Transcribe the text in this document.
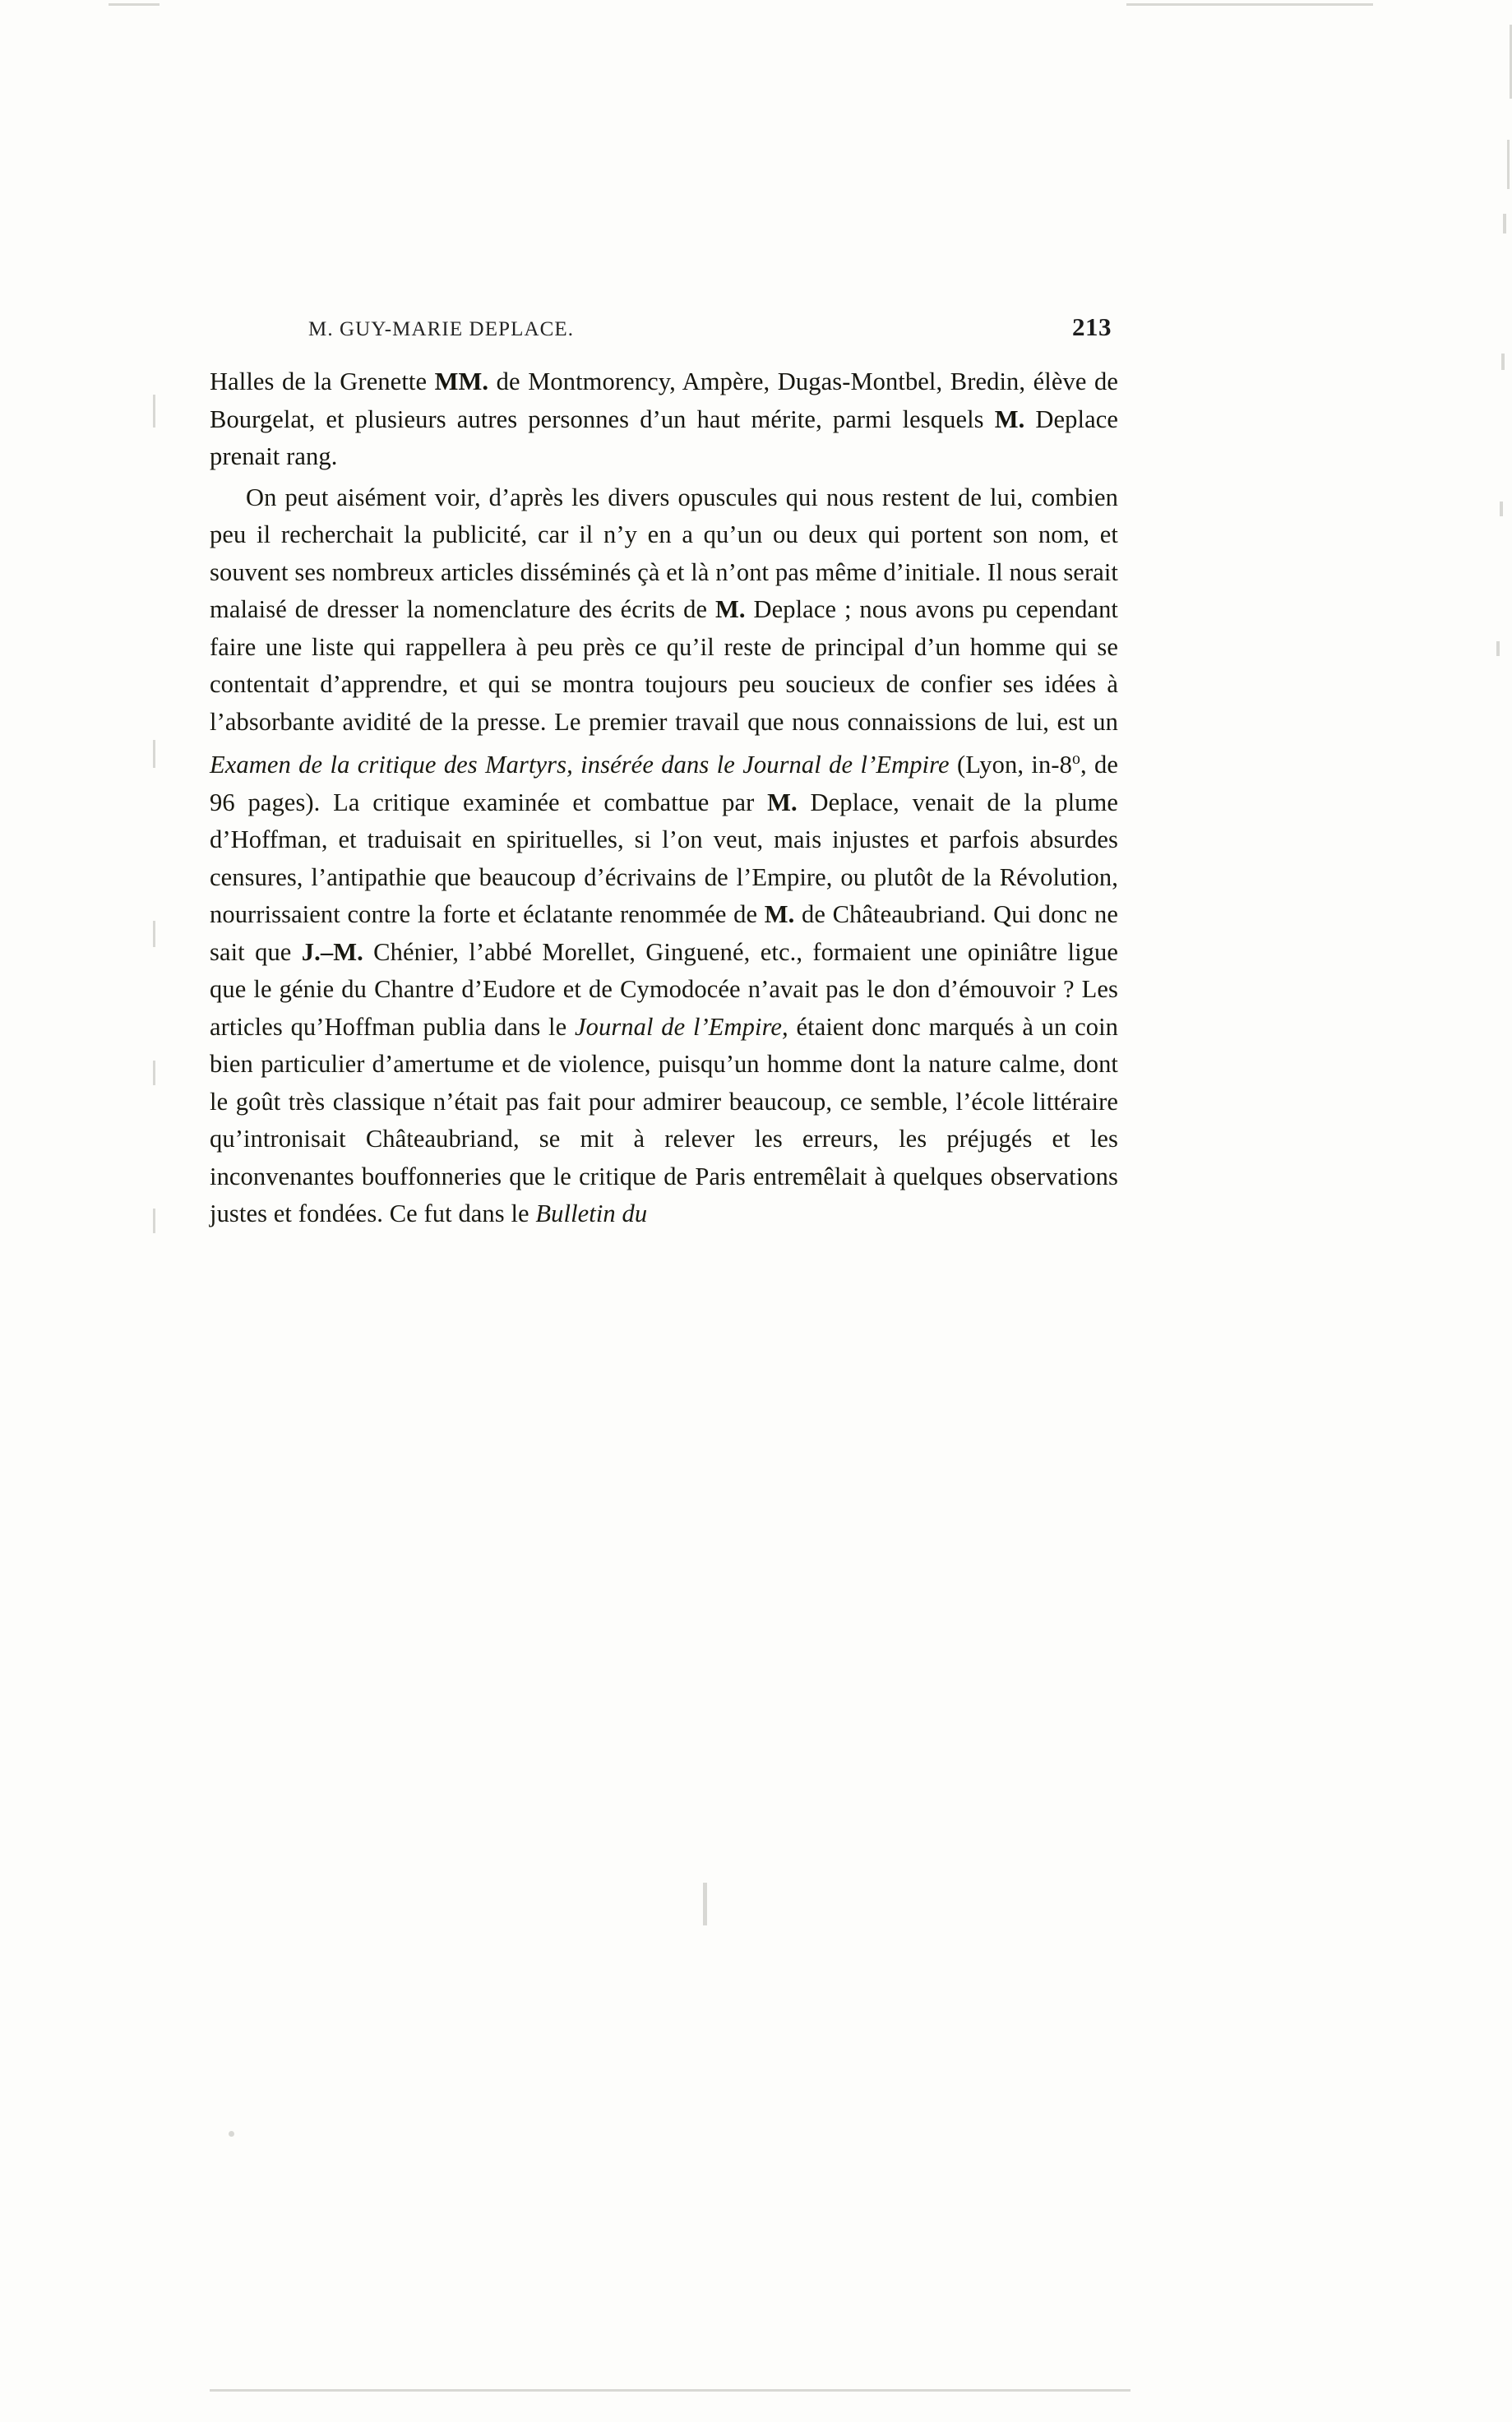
M. GUY-MARIE DEPLACE.	213

Halles de la Grenette MM. de Montmorency, Ampère, Dugas-Montbel, Bredin, élève de Bourgelat, et plusieurs autres personnes d’un haut mérite, parmi lesquels M. Deplace prenait rang.

On peut aisément voir, d’après les divers opuscules qui nous restent de lui, combien peu il recherchait la publicité, car il n’y en a qu’un ou deux qui portent son nom, et souvent ses nombreux articles disséminés çà et là n’ont pas même d’initiale. Il nous serait malaisé de dresser la nomenclature des écrits de M. Deplace ; nous avons pu cependant faire une liste qui rappellera à peu près ce qu’il reste de principal d’un homme qui se contentait d’apprendre, et qui se montra toujours peu soucieux de confier ses idées à l’absorbante avidité de la presse. Le premier travail que nous connaissions de lui, est un Examen de la critique des Martyrs, insérée dans le Journal de l’Empire (Lyon, in-8$^o$, de 96 pages). La critique examinée et combattue par M. Deplace, venait de la plume d’Hoffman, et traduisait en spirituelles, si l’on veut, mais injustes et parfois absurdes censures, l’antipathie que beaucoup d’écrivains de l’Empire, ou plutôt de la Révolution, nourrissaient contre la forte et éclatante renommée de M. de Châteaubriand. Qui donc ne sait que J.–M. Chénier, l’abbé Morellet, Ginguené, etc., formaient une opiniâtre ligue que le génie du Chantre d’Eudore et de Cymodocée n’avait pas le don d’émouvoir ? Les articles qu’Hoffman publia dans le Journal de l’Empire, étaient donc marqués à un coin bien particulier d’amertume et de violence, puisqu’un homme dont la nature calme, dont le goût très classique n’était pas fait pour admirer beaucoup, ce semble, l’école littéraire qu’intronisait Châteaubriand, se mit à relever les erreurs, les préjugés et les inconvenantes bouffonneries que le critique de Paris entremêlait à quelques observations justes et fondées. Ce fut dans le Bulletin du
